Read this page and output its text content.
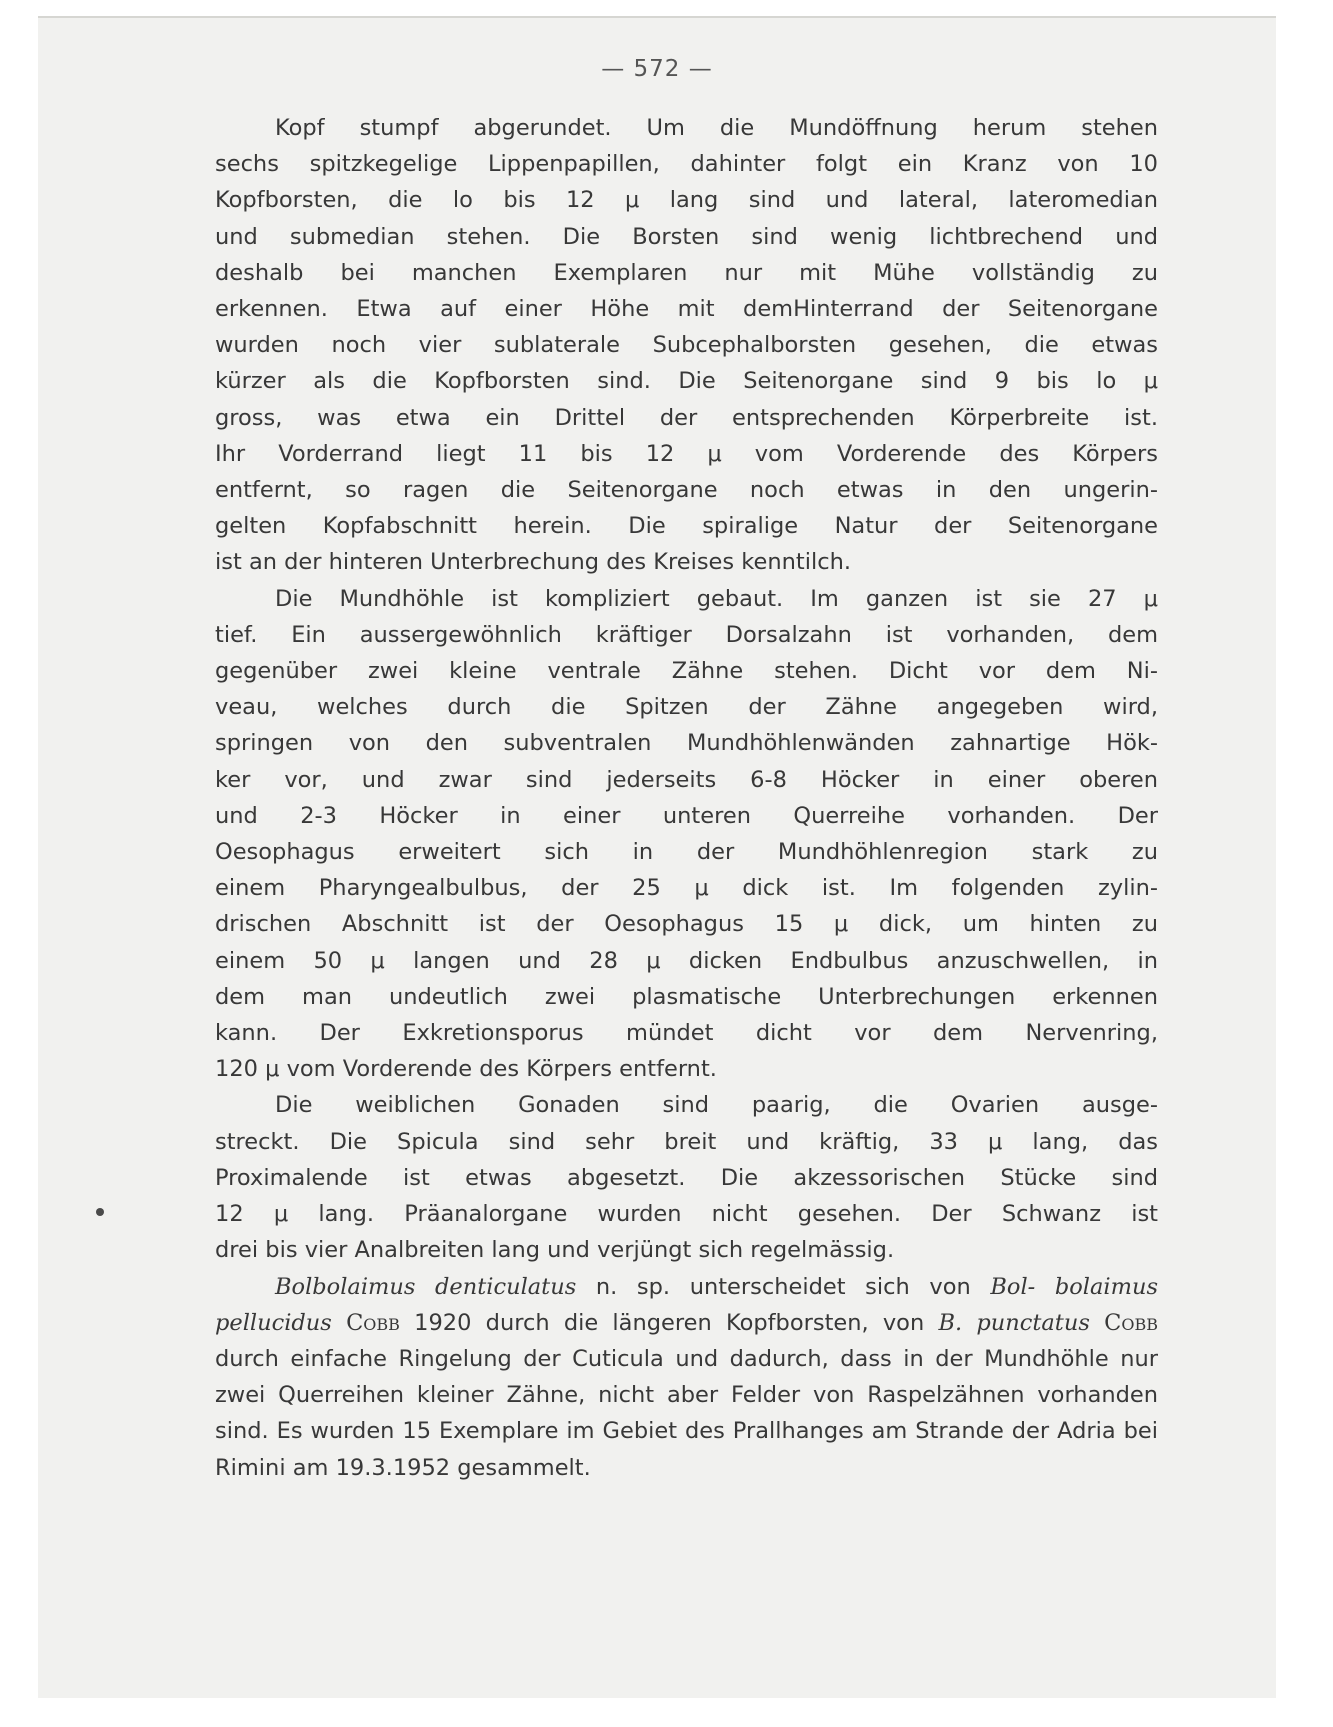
— 572 —

Kopf stumpf abgerundet. Um die Mundöffnung herum stehen

sechs spitzkegelige Lippenpapillen, dahinter folgt ein Kranz von 10

Kopfborsten, die lo bis 12 μ lang sind und lateral, lateromedian

und submedian stehen. Die Borsten sind wenig lichtbrechend und

deshalb bei manchen Exemplaren nur mit Mühe vollständig zu

erkennen. Etwa auf einer Höhe mit demHinterrand der Seitenorgane

wurden noch vier sublaterale Subcephalborsten gesehen, die etwas

kürzer als die Kopfborsten sind. Die Seitenorgane sind 9 bis lo μ

gross, was etwa ein Drittel der entsprechenden Körperbreite ist.

Ihr Vorderrand liegt 11 bis 12 μ vom Vorderende des Körpers

entfernt, so ragen die Seitenorgane noch etwas in den ungerin-

gelten Kopfabschnitt herein. Die spiralige Natur der Seitenorgane

ist an der hinteren Unterbrechung des Kreises kenntilch.

Die Mundhöhle ist kompliziert gebaut. Im ganzen ist sie 27 μ

tief. Ein aussergewöhnlich kräftiger Dorsalzahn ist vorhanden, dem

gegenüber zwei kleine ventrale Zähne stehen. Dicht vor dem Ni-

veau, welches durch die Spitzen der Zähne angegeben wird,

springen von den subventralen Mundhöhlenwänden zahnartige Hök-

ker vor, und zwar sind jederseits 6-8 Höcker in einer oberen

und 2-3 Höcker in einer unteren Querreihe vorhanden. Der

Oesophagus erweitert sich in der Mundhöhlenregion stark zu

einem Pharyngealbulbus, der 25 μ dick ist. Im folgenden zylin-

drischen Abschnitt ist der Oesophagus 15 μ dick, um hinten zu

einem 50 μ langen und 28 μ dicken Endbulbus anzuschwellen, in

dem man undeutlich zwei plasmatische Unterbrechungen erkennen

kann. Der Exkretionsporus mündet dicht vor dem Nervenring,

120 μ vom Vorderende des Körpers entfernt.

Die weiblichen Gonaden sind paarig, die Ovarien ausge-

streckt. Die Spicula sind sehr breit und kräftig, 33 μ lang, das

Proximalende ist etwas abgesetzt. Die akzessorischen Stücke sind

12 μ lang. Präanalorgane wurden nicht gesehen. Der Schwanz ist

drei bis vier Analbreiten lang und verjüngt sich regelmässig.

Bolbolaimus denticulatus n. sp. unterscheidet sich von Bol- bolaimus pellucidus Cobb 1920 durch die längeren Kopfborsten, von B. punctatus Cobb durch einfache Ringelung der Cuticula und dadurch, dass in der Mundhöhle nur zwei Querreihen kleiner Zähne, nicht aber Felder von Raspelzähnen vorhanden sind. Es wurden 15 Exemplare im Gebiet des Prallhanges am Strande der Adria bei Rimini am 19.3.1952 gesammelt.
